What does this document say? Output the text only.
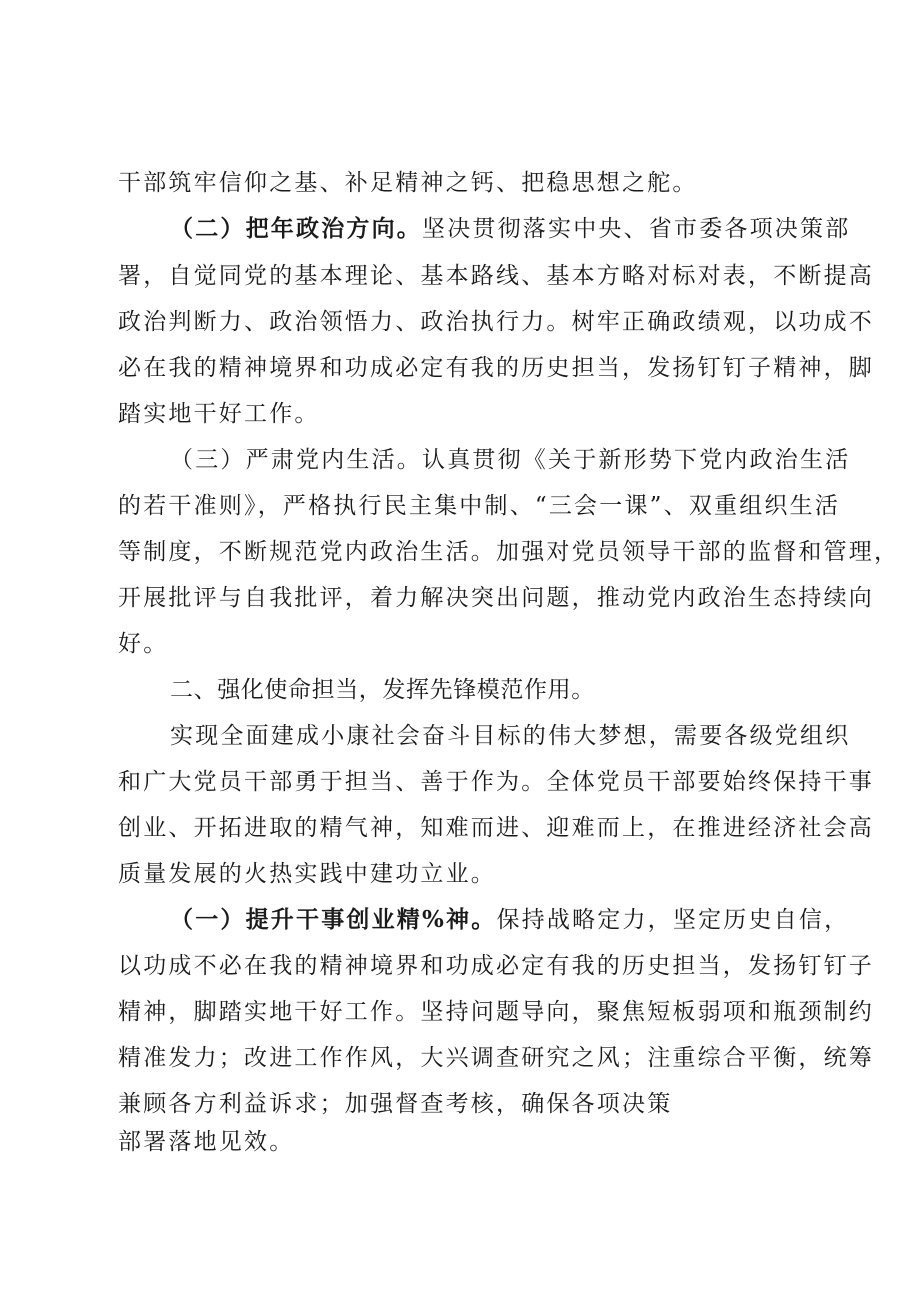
干部筑牢信仰之基、补足精神之钙、把稳思想之舵。

（二）把年政治方向。坚决贯彻落实中央、省市委各项决策部

署，自觉同党的基本理论、基本路线、基本方略对标对表，不断提高

政治判断力、政治领悟力、政治执行力。树牢正确政绩观，以功成不

必在我的精神境界和功成必定有我的历史担当，发扬钉钉子精神，脚

踏实地干好工作。

（三）严肃党内生活。认真贯彻《关于新形势下党内政治生活

的若干准则》，严格执行民主集中制、“三会一课”、双重组织生活

等制度，不断规范党内政治生活。加强对党员领导干部的监督和管理，

开展批评与自我批评，着力解决突出问题，推动党内政治生态持续向

好。

二、强化使命担当，发挥先锋模范作用。

实现全面建成小康社会奋斗目标的伟大梦想，需要各级党组织

和广大党员干部勇于担当、善于作为。全体党员干部要始终保持干事

创业、开拓进取的精气神，知难而进、迎难而上，在推进经济社会高

质量发展的火热实践中建功立业。

（一）提升干事创业精%神。保持战略定力，坚定历史自信，

以功成不必在我的精神境界和功成必定有我的历史担当，发扬钉钉子

精神，脚踏实地干好工作。坚持问题导向，聚焦短板弱项和瓶颈制约

精准发力；改进工作作风，大兴调查研究之风；注重综合平衡，统筹

兼顾各方利益诉求；加强督查考核，确保各项决策

部署落地见效。
